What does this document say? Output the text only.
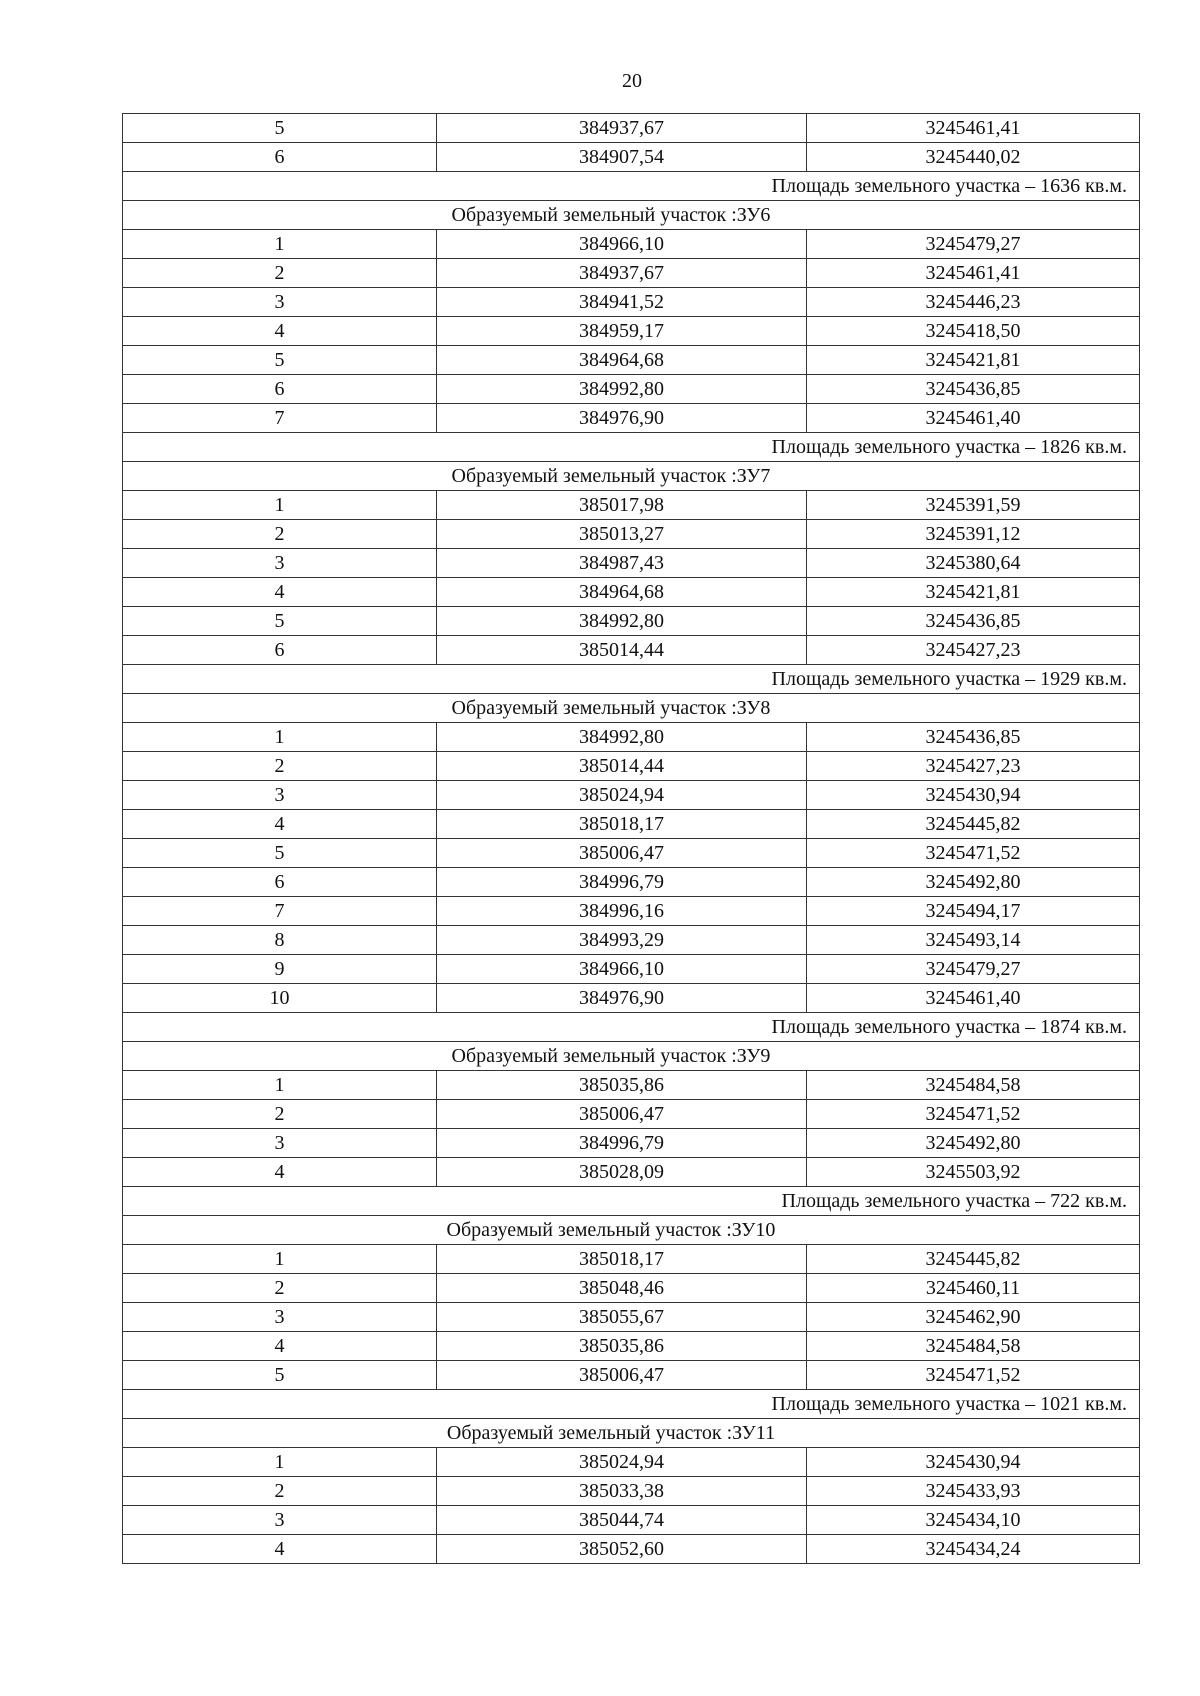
20
5	384937,67	3245461,41
6	384907,54	3245440,02
Площадь земельного участка – 1636 кв.м.		
Образуемый земельный участок :ЗУ6		
1	384966,10	3245479,27
2	384937,67	3245461,41
3	384941,52	3245446,23
4	384959,17	3245418,50
5	384964,68	3245421,81
6	384992,80	3245436,85
7	384976,90	3245461,40
Площадь земельного участка – 1826 кв.м.		
Образуемый земельный участок :ЗУ7		
1	385017,98	3245391,59
2	385013,27	3245391,12
3	384987,43	3245380,64
4	384964,68	3245421,81
5	384992,80	3245436,85
6	385014,44	3245427,23
Площадь земельного участка – 1929 кв.м.		
Образуемый земельный участок :ЗУ8		
1	384992,80	3245436,85
2	385014,44	3245427,23
3	385024,94	3245430,94
4	385018,17	3245445,82
5	385006,47	3245471,52
6	384996,79	3245492,80
7	384996,16	3245494,17
8	384993,29	3245493,14
9	384966,10	3245479,27
10	384976,90	3245461,40
Площадь земельного участка – 1874 кв.м.		
Образуемый земельный участок :ЗУ9		
1	385035,86	3245484,58
2	385006,47	3245471,52
3	384996,79	3245492,80
4	385028,09	3245503,92
Площадь земельного участка – 722 кв.м.		
Образуемый земельный участок :ЗУ10		
1	385018,17	3245445,82
2	385048,46	3245460,11
3	385055,67	3245462,90
4	385035,86	3245484,58
5	385006,47	3245471,52
Площадь земельного участка – 1021 кв.м.		
Образуемый земельный участок :ЗУ11		
1	385024,94	3245430,94
2	385033,38	3245433,93
3	385044,74	3245434,10
4	385052,60	3245434,24
